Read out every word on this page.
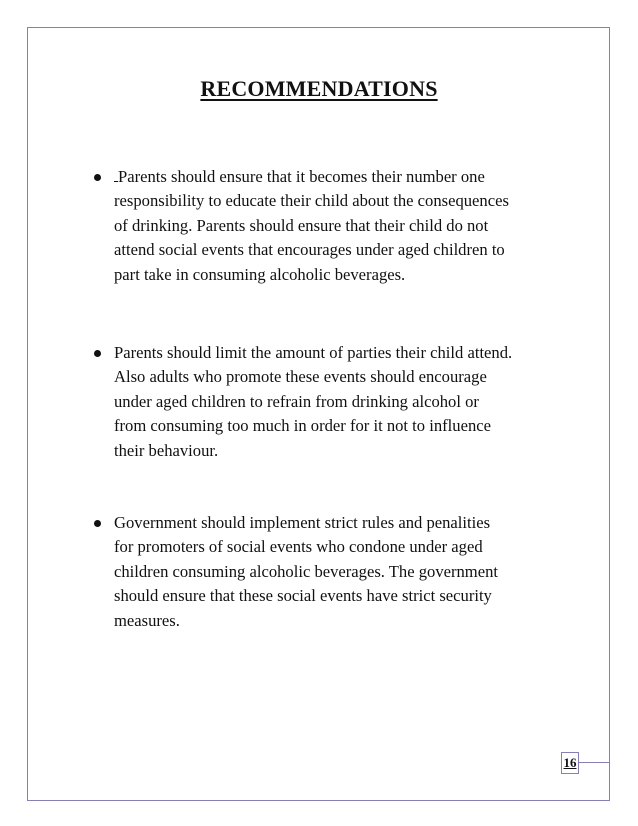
RECOMMENDATIONS
Parents should ensure that it becomes their number one
responsibility to educate their child about the consequences
of drinking. Parents should ensure that their child do not
attend social events that encourages under aged children to
part take in consuming alcoholic beverages.
Parents should limit the amount of parties their child attend.
Also adults who promote these events should encourage
under aged children to refrain from drinking alcohol or
from consuming too much in order for it not to influence
their behaviour.
Government should implement strict rules and penalities
for promoters of social events who condone under aged
children consuming alcoholic beverages. The government
should ensure that these social events have strict security
measures.
16
